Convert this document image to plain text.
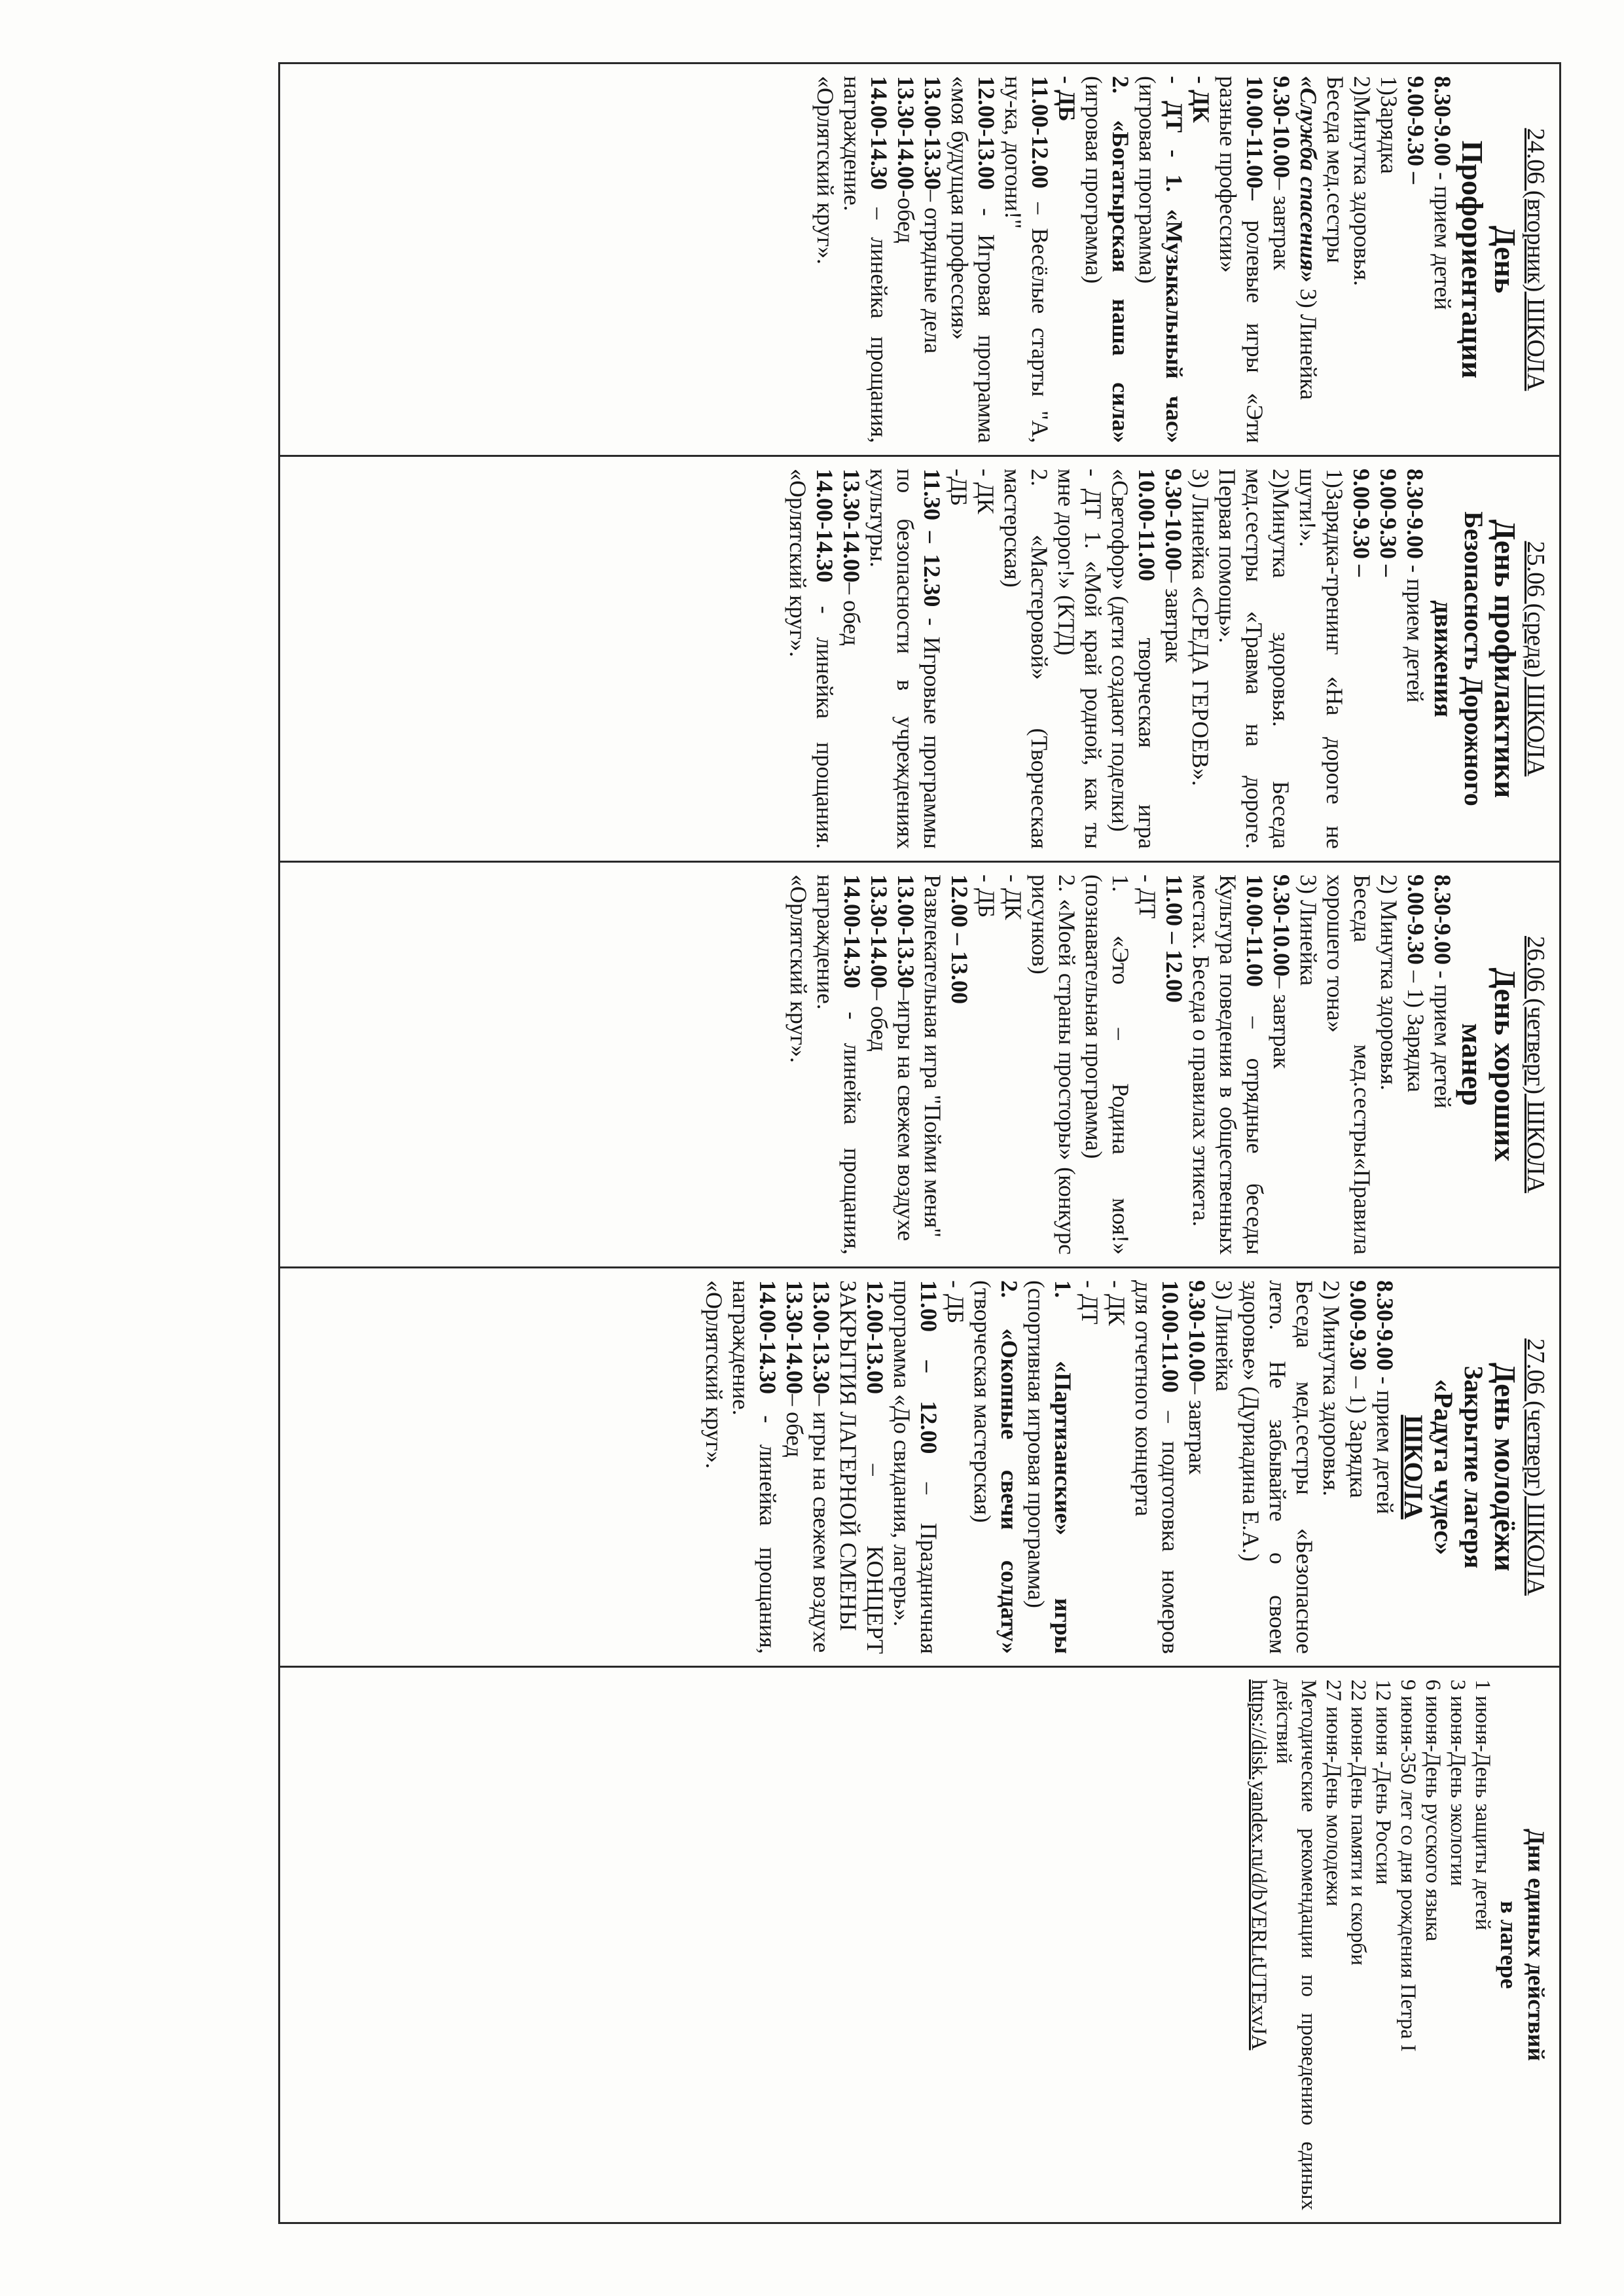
24.06 (вторник) ШКОЛА
День
Профориентации
8.30-9.00 - прием детей
9.00-9.30 –
1)Зарядка
2)Минутка здоровья.
Беседа мед.сестры
«Служба спасения» 3) Линейка
9.30-10.00– завтрак
10.00-11.00– ролевые игры «Эти разные профессии»
- ДК
- ДТ - 1. «Музыкальный час» (игровая программа)
2. «Богатырская наша сила» (игровая программа)
- ДБ
11.00-12.00 – Весёлые старты "А, ну-ка, догони!"
12.00-13.00 - Игровая программа «моя будущая профессия»
13.00-13.30– отрядные дела
13.30-14.00-обед
14.00-14.30 – линейка прощания, награждение.
«Орлятский круг».

25.06 (среда) ШКОЛА
День профилактики
Безопасность Дорожного движения
8.30-9.00 - прием детей
9.00-9.30 –
9.00-9.30 –
1)Зарядка-тренинг «На дороге не шути!».
2)Минутка здоровья. Беседа мед.сестры «Травма на дороге. Первая помощь».
3) Линейка «СРЕДА ГЕРОЕВ».
9.30-10.00– завтрак
10.00-11.00 творческая игра «Светофор» (дети создают поделки)
- ДТ 1. «Мой край родной, как ты мне дорог!» (КТД)
2. «Мастеровой» (Творческая мастерская)
- ДК
-ДБ
11.30 – 12.30 - Игровые программы по безопасности в учреждениях культуры.
13.30-14.00– обед
14.00-14.30 - линейка прощания. «Орлятский круг».

26.06 (четверг) ШКОЛА
День хороших
манер
8.30-9.00 - прием детей
9.00-9.30 – 1) Зарядка
2) Минутка здоровья.
Беседа мед.сестры«Правила хорошего тона»
3) Линейка
9.30-10.00– завтрак
10.00-11.00 – отрядные беседы Культура поведения в общественных местах. Беседа о правилах этикета.
11.00 – 12.00
- ДТ
1. «Это – Родина моя!» (познавательная программа)
2. «Моей страны просторы» (конкурс рисунков)
- ДК
- ДБ
12.00 – 13.00
Развлекательная игра "Пойми меня"
13.00-13.30–игры на свежем воздухе
13.30-14.00– обед
14.00-14.30 - линейка прощания, награждение.
«Орлятский круг».

27.06 (четверг) ШКОЛА
День молодёжи
Закрытие лагеря
«Радуга чудес»
ШКОЛА
8.30-9.00 - прием детей
9.00-9.30 – 1) Зарядка
2) Минутка здоровья.
Беседа мед.сестры «Безопасное лето. Не забывайте о своем здоровье» (Дуриадина Е.А.)
3) Линейка
9.30-10.00– завтрак
10.00-11.00 – подготовка номеров для отчетного концерта
- ДК
- ДТ
1. «Партизанские» игры (спортивная игровая программа)
2. «Окопные свечи солдату» (творческая мастерская)
- ДБ
11.00 – 12.00 – Праздничная программа «До свидания, лагерь».
12.00-13.00 – КОНЦЕРТ ЗАКРЫТИЯ ЛАГЕРНОЙ СМЕНЫ
13.00-13.30– игры на свежем воздухе
13.30-14.00– обед
14.00-14.30 - линейка прощания, награждение.
«Орлятский круг».

Дни единых действий
в лагере
1 июня-День защиты детей
3 июня-День экологии
6 июня-День русского языка
9 июня-350 лет со дня рождения Петра I
12 июня -День России
22 июня-День памяти и скорби
27 июня-День молодежи
Методические рекомендации по проведению единых действий
https://disk.yandex.ru/d/bVERLtUTExvJA
